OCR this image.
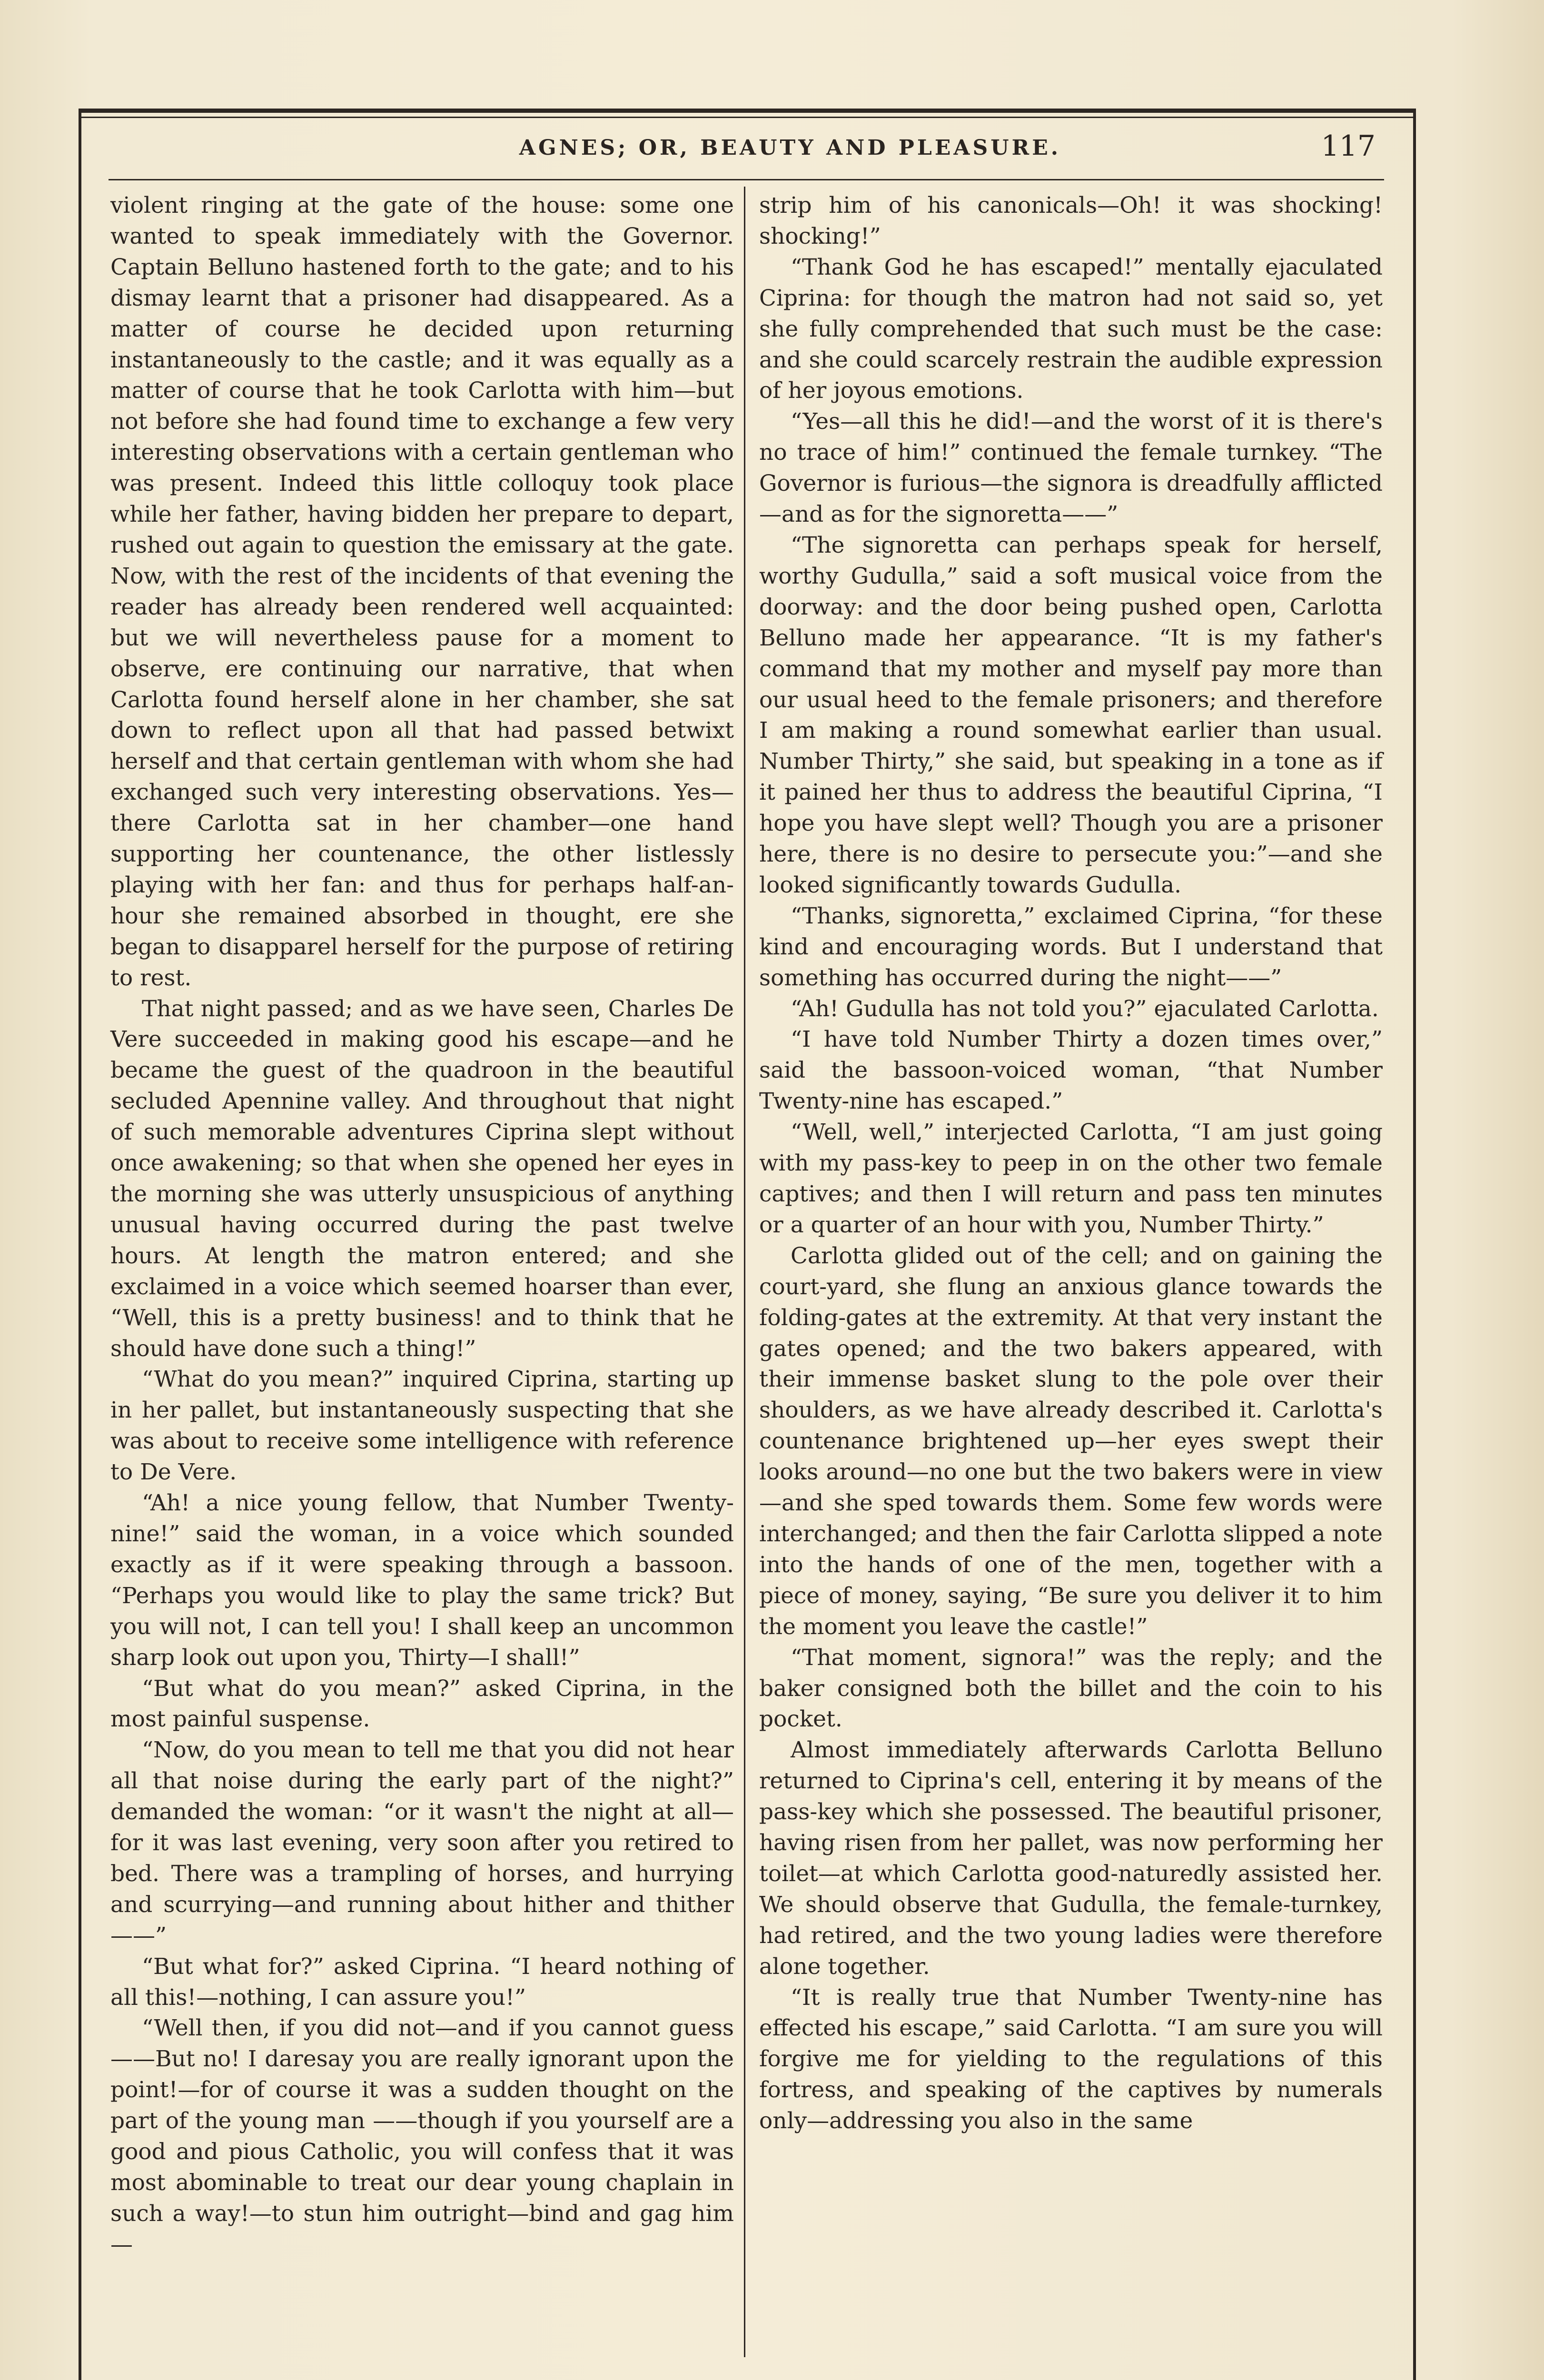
AGNES; OR, BEAUTY AND PLEASURE.	117

violent ringing at the gate of the house: some one wanted to speak immediately with the Governor. Captain Belluno hastened forth to the gate; and to his dismay learnt that a prisoner had disappeared. As a matter of course he decided upon returning instantaneously to the castle; and it was equally as a matter of course that he took Carlotta with him—but not before she had found time to exchange a few very interesting observations with a certain gentleman who was present. Indeed this little colloquy took place while her father, having bidden her prepare to depart, rushed out again to question the emissary at the gate. Now, with the rest of the incidents of that evening the reader has already been rendered well acquainted: but we will nevertheless pause for a moment to observe, ere continuing our narrative, that when Carlotta found herself alone in her chamber, she sat down to reflect upon all that had passed betwixt herself and that certain gentleman with whom she had exchanged such very interesting observations. Yes—there Carlotta sat in her chamber—one hand supporting her countenance, the other listlessly playing with her fan: and thus for perhaps half-an-hour she remained absorbed in thought, ere she began to disapparel herself for the purpose of retiring to rest.

That night passed; and as we have seen, Charles De Vere succeeded in making good his escape—and he became the guest of the quadroon in the beautiful secluded Apennine valley. And throughout that night of such memorable adventures Ciprina slept without once awakening; so that when she opened her eyes in the morning she was utterly unsuspicious of anything unusual having occurred during the past twelve hours. At length the matron entered; and she exclaimed in a voice which seemed hoarser than ever, “Well, this is a pretty business! and to think that he should have done such a thing!”

“What do you mean?” inquired Ciprina, starting up in her pallet, but instantaneously suspecting that she was about to receive some intelligence with reference to De Vere.

“Ah! a nice young fellow, that Number Twenty-nine!” said the woman, in a voice which sounded exactly as if it were speaking through a bassoon. “Perhaps you would like to play the same trick? But you will not, I can tell you! I shall keep an uncommon sharp look out upon you, Thirty—I shall!”

“But what do you mean?” asked Ciprina, in the most painful suspense.

“Now, do you mean to tell me that you did not hear all that noise during the early part of the night?” demanded the woman: “or it wasn't the night at all—for it was last evening, very soon after you retired to bed. There was a trampling of horses, and hurrying and scurrying—and running about hither and thither——”

“But what for?” asked Ciprina. “I heard nothing of all this!—nothing, I can assure you!”

“Well then, if you did not—and if you cannot guess——But no! I daresay you are really ignorant upon the point!—for of course it was a sudden thought on the part of the young man ——though if you yourself are a good and pious Catholic, you will confess that it was most abominable to treat our dear young chaplain in such a way!—to stun him outright—bind and gag him—

strip him of his canonicals—Oh! it was shocking! shocking!”

“Thank God he has escaped!” mentally ejaculated Ciprina: for though the matron had not said so, yet she fully comprehended that such must be the case: and she could scarcely restrain the audible expression of her joyous emotions.

“Yes—all this he did!—and the worst of it is there's no trace of him!” continued the female turnkey. “The Governor is furious—the signora is dreadfully afflicted—and as for the signoretta——”

“The signoretta can perhaps speak for herself, worthy Gudulla,” said a soft musical voice from the doorway: and the door being pushed open, Carlotta Belluno made her appearance. “It is my father's command that my mother and myself pay more than our usual heed to the female prisoners; and therefore I am making a round somewhat earlier than usual. Number Thirty,” she said, but speaking in a tone as if it pained her thus to address the beautiful Ciprina, “I hope you have slept well? Though you are a prisoner here, there is no desire to persecute you:”—and she looked significantly towards Gudulla.

“Thanks, signoretta,” exclaimed Ciprina, “for these kind and encouraging words. But I understand that something has occurred during the night——”

“Ah! Gudulla has not told you?” ejaculated Carlotta.

“I have told Number Thirty a dozen times over,” said the bassoon-voiced woman, “that Number Twenty-nine has escaped.”

“Well, well,” interjected Carlotta, “I am just going with my pass-key to peep in on the other two female captives; and then I will return and pass ten minutes or a quarter of an hour with you, Number Thirty.”

Carlotta glided out of the cell; and on gaining the court-yard, she flung an anxious glance towards the folding-gates at the extremity. At that very instant the gates opened; and the two bakers appeared, with their immense basket slung to the pole over their shoulders, as we have already described it. Carlotta's countenance brightened up—her eyes swept their looks around—no one but the two bakers were in view—and she sped towards them. Some few words were interchanged; and then the fair Carlotta slipped a note into the hands of one of the men, together with a piece of money, saying, “Be sure you deliver it to him the moment you leave the castle!”

“That moment, signora!” was the reply; and the baker consigned both the billet and the coin to his pocket.

Almost immediately afterwards Carlotta Belluno returned to Ciprina's cell, entering it by means of the pass-key which she possessed. The beautiful prisoner, having risen from her pallet, was now performing her toilet—at which Carlotta good-naturedly assisted her. We should observe that Gudulla, the female-turnkey, had retired, and the two young ladies were therefore alone together.

“It is really true that Number Twenty-nine has effected his escape,” said Carlotta. “I am sure you will forgive me for yielding to the regulations of this fortress, and speaking of the captives by numerals only—addressing you also in the same
